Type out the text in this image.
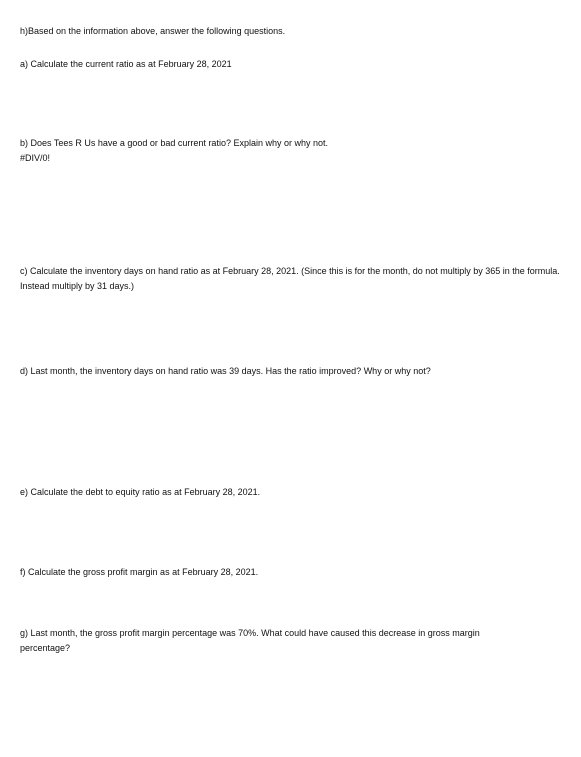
h)Based on the information above, answer the following questions.
a) Calculate the current ratio as at February 28, 2021
b) Does Tees R Us have a good or bad current ratio? Explain why or why not.
#DIV/0!
c) Calculate the inventory days on hand ratio as at February 28, 2021. (Since this is for the month, do not multiply by 365 in the formula. Instead multiply by 31 days.)
d) Last month, the inventory days on hand ratio was 39 days. Has the ratio improved? Why or why not?
e) Calculate the debt to equity ratio as at February 28, 2021.
f) Calculate the gross profit margin as at February 28, 2021.
g) Last month, the gross profit margin percentage was 70%. What could have caused this decrease in gross margin percentage?
